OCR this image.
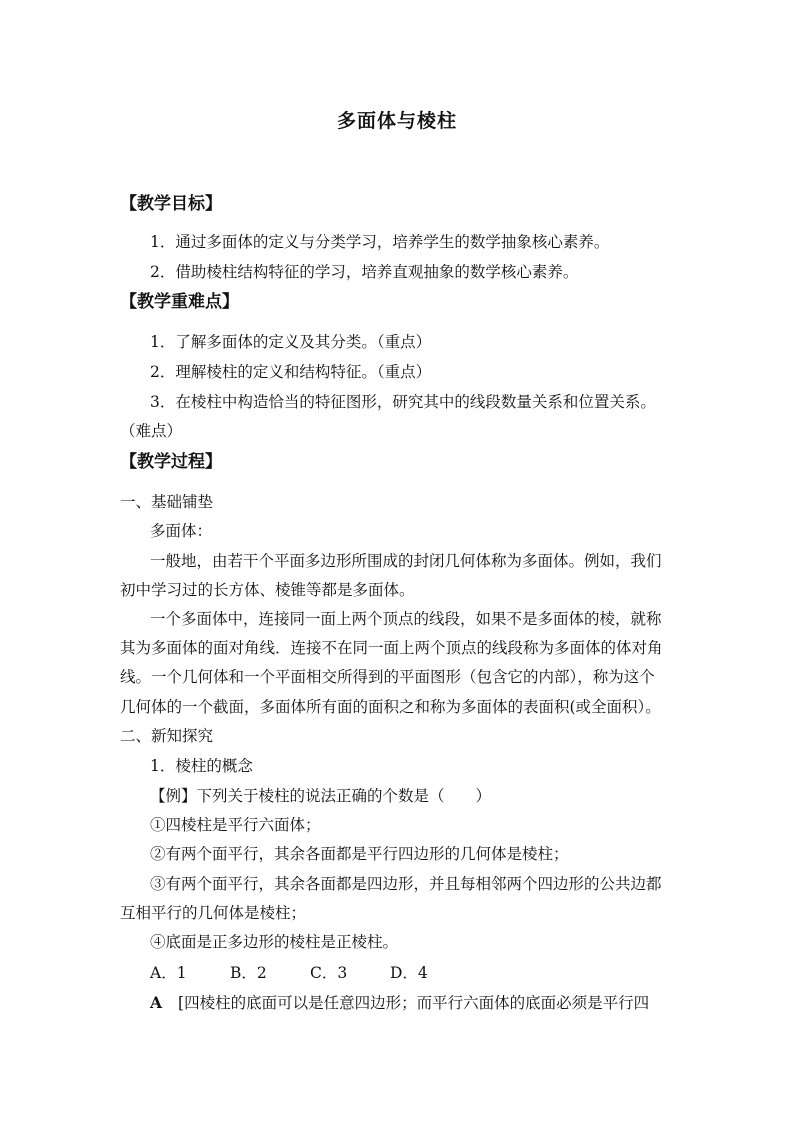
多面体与棱柱
【教学目标】
1．通过多面体的定义与分类学习，培养学生的数学抽象核心素养。
2．借助棱柱结构特征的学习，培养直观抽象的数学核心素养。
【教学重难点】
1．了解多面体的定义及其分类。（重点）
2．理解棱柱的定义和结构特征。（重点）
3．在棱柱中构造恰当的特征图形，研究其中的线段数量关系和位置关系。
（难点）
【教学过程】
一、基础铺垫
多面体：
一般地，由若干个平面多边形所围成的封闭几何体称为多面体。例如，我们
初中学习过的长方体、棱锥等都是多面体。
一个多面体中，连接同一面上两个顶点的线段，如果不是多面体的棱，就称
其为多面体的面对角线．连接不在同一面上两个顶点的线段称为多面体的体对角
线。一个几何体和一个平面相交所得到的平面图形（包含它的内部），称为这个
几何体的一个截面，多面体所有面的面积之和称为多面体的表面积(或全面积）。
二、新知探究
1．棱柱的概念
【例】下列关于棱柱的说法正确的个数是（　　）
①四棱柱是平行六面体；
②有两个面平行，其余各面都是平行四边形的几何体是棱柱；
③有两个面平行，其余各面都是四边形，并且每相邻两个四边形的公共边都
互相平行的几何体是棱柱；
④底面是正多边形的棱柱是正棱柱。
A．1	B．2	C．3	D．4
A [四棱柱的底面可以是任意四边形；而平行六面体的底面必须是平行四
